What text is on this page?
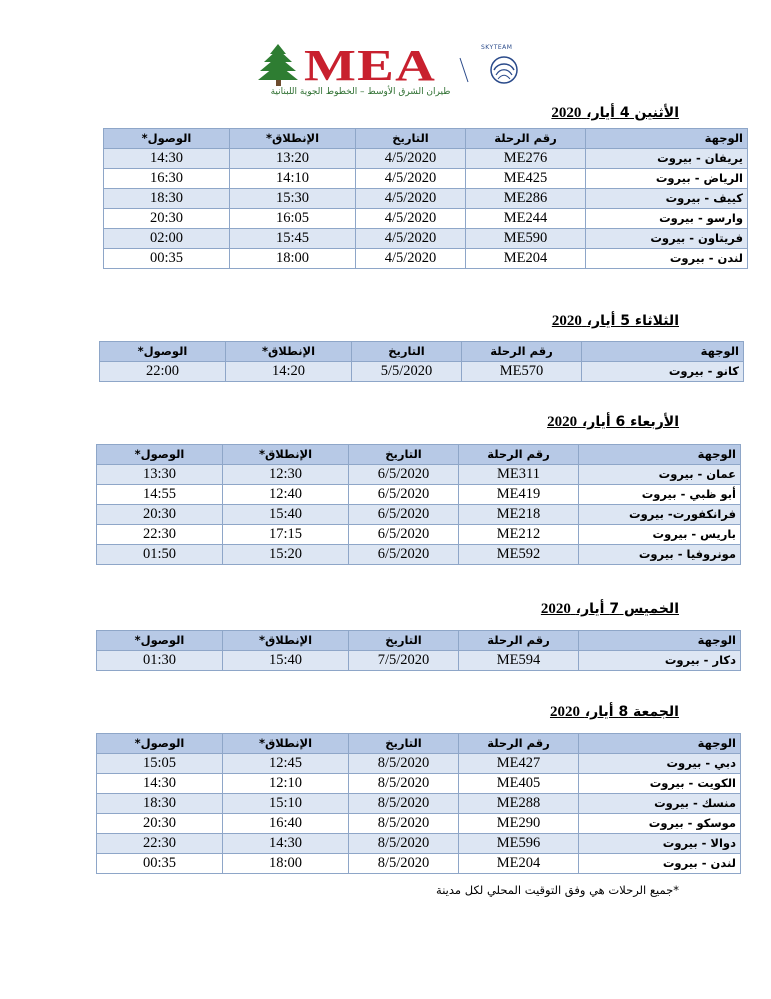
MEA
طيران الشرق الأوسط – الخطوط الجوية اللبنانية
SKYTEAM
الأثنين 4 أيار، 2020
الوجهة	رقم الرحلة	التاريخ	الإنطلاق*	الوصول*
يريفان - بيروت	ME276	4/5/2020	13:20	14:30
الرياض - بيروت	ME425	4/5/2020	14:10	16:30
كييف - بيروت	ME286	4/5/2020	15:30	18:30
وارسو - بيروت	ME244	4/5/2020	16:05	20:30
فريتاون - بيروت	ME590	4/5/2020	15:45	02:00
لندن - بيروت	ME204	4/5/2020	18:00	00:35
الثلاثاء 5 أيار، 2020
الوجهة	رقم الرحلة	التاريخ	الإنطلاق*	الوصول*
كانو - بيروت	ME570	5/5/2020	14:20	22:00
الأربعاء 6 أيار، 2020
الوجهة	رقم الرحلة	التاريخ	الإنطلاق*	الوصول*
عمان - بيروت	ME311	6/5/2020	12:30	13:30
أبو ظبي - بيروت	ME419	6/5/2020	12:40	14:55
فرانكفورت- بيروت	ME218	6/5/2020	15:40	20:30
باريس - بيروت	ME212	6/5/2020	17:15	22:30
مونروفيا - بيروت	ME592	6/5/2020	15:20	01:50
الخميس 7 أيار، 2020
الوجهة	رقم الرحلة	التاريخ	الإنطلاق*	الوصول*
دكار - بيروت	ME594	7/5/2020	15:40	01:30
الجمعة 8 أيار، 2020
الوجهة	رقم الرحلة	التاريخ	الإنطلاق*	الوصول*
دبي - بيروت	ME427	8/5/2020	12:45	15:05
الكويت - بيروت	ME405	8/5/2020	12:10	14:30
منسك - بيروت	ME288	8/5/2020	15:10	18:30
موسكو - بيروت	ME290	8/5/2020	16:40	20:30
دوالا - بيروت	ME596	8/5/2020	14:30	22:30
لندن - بيروت	ME204	8/5/2020	18:00	00:35
*جميع الرحلات هي وفق التوقيت المحلي لكل مدينة
